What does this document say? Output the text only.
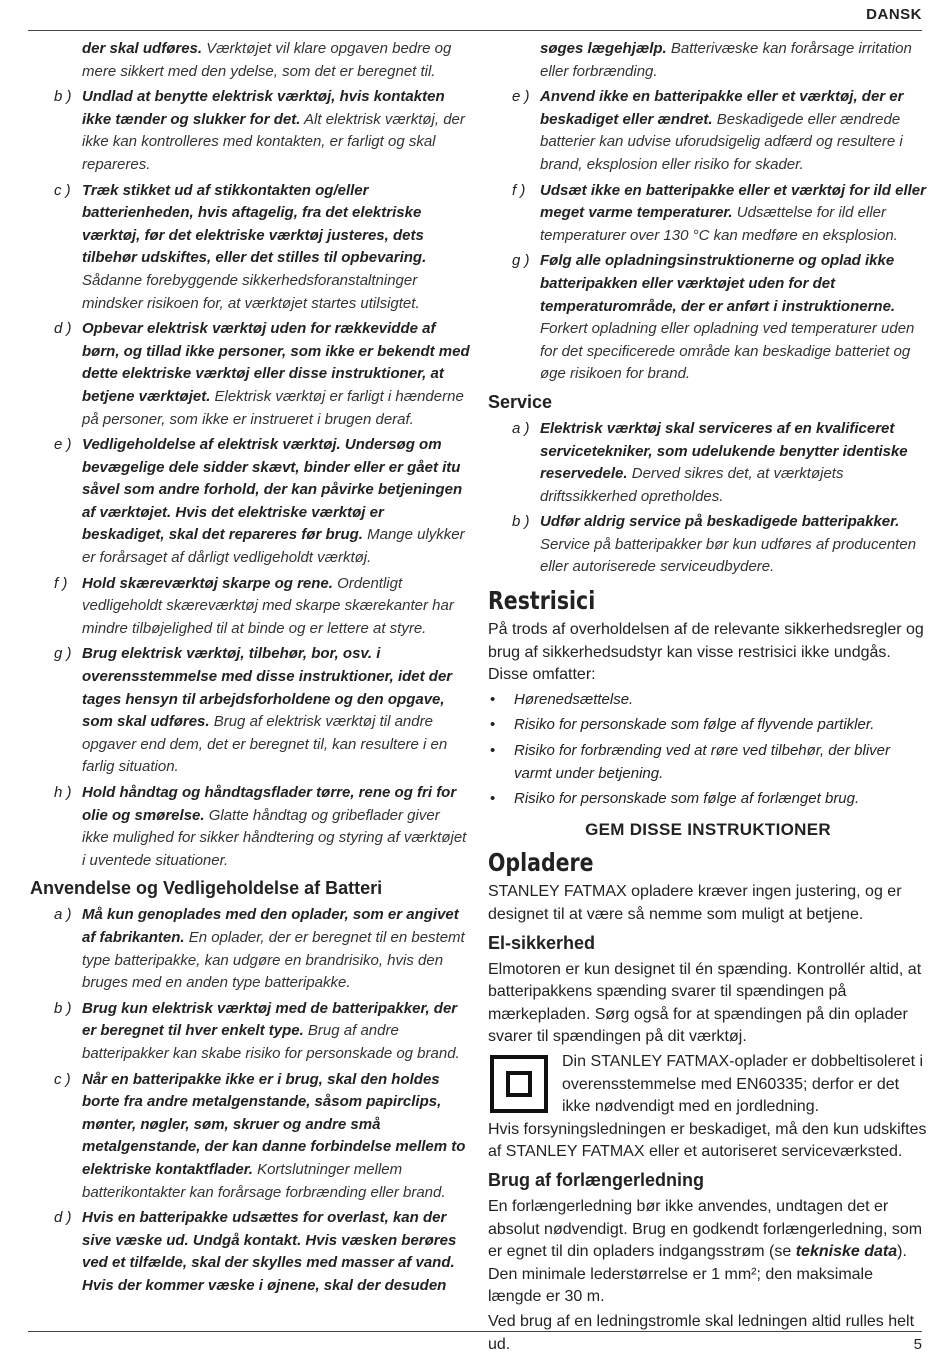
DANSK
der skal udføres. Værktøjet vil klare opgaven bedre og mere sikkert med den ydelse, som det er beregnet til.
b ) Undlad at benytte elektrisk værktøj, hvis kontakten ikke tænder og slukker for det. Alt elektrisk værktøj, der ikke kan kontrolleres med kontakten, er farligt og skal repareres.
c ) Træk stikket ud af stikkontakten og/eller batterienheden, hvis aftagelig, fra det elektriske værktøj, før det elektriske værktøj justeres, dets tilbehør udskiftes, eller det stilles til opbevaring. Sådanne forebyggende sikkerhedsforanstaltninger mindsker risikoen for, at værktøjet startes utilsigtet.
d ) Opbevar elektrisk værktøj uden for rækkevidde af børn, og tillad ikke personer, som ikke er bekendt med dette elektriske værktøj eller disse instruktioner, at betjene værktøjet. Elektrisk værktøj er farligt i hænderne på personer, som ikke er instrueret i brugen deraf.
e ) Vedligeholdelse af elektrisk værktøj. Undersøg om bevægelige dele sidder skævt, binder eller er gået itu såvel som andre forhold, der kan påvirke betjeningen af værktøjet. Hvis det elektriske værktøj er beskadiget, skal det repareres før brug. Mange ulykker er forårsaget af dårligt vedligeholdt værktøj.
f ) Hold skæreværktøj skarpe og rene. Ordentligt vedligeholdt skæreværktøj med skarpe skærekanter har mindre tilbøjelighed til at binde og er lettere at styre.
g ) Brug elektrisk værktøj, tilbehør, bor, osv. i overensstemmelse med disse instruktioner, idet der tages hensyn til arbejdsforholdene og den opgave, som skal udføres. Brug af elektrisk værktøj til andre opgaver end dem, det er beregnet til, kan resultere i en farlig situation.
h ) Hold håndtag og håndtagsflader tørre, rene og fri for olie og smørelse. Glatte håndtag og gribeflader giver ikke mulighed for sikker håndtering og styring af værktøjet i uventede situationer.
Anvendelse og Vedligeholdelse af Batteri
a ) Må kun genoplades med den oplader, som er angivet af fabrikanten. En oplader, der er beregnet til en bestemt type batteripakke, kan udgøre en brandrisiko, hvis den bruges med en anden type batteripakke.
b ) Brug kun elektrisk værktøj med de batteripakker, der er beregnet til hver enkelt type. Brug af andre batteripakker kan skabe risiko for personskade og brand.
c ) Når en batteripakke ikke er i brug, skal den holdes borte fra andre metalgenstande, såsom papirclips, mønter, nøgler, søm, skruer og andre små metalgenstande, der kan danne forbindelse mellem to elektriske kontaktflader. Kortslutninger mellem batterikontakter kan forårsage forbrænding eller brand.
d ) Hvis en batteripakke udsættes for overlast, kan der sive væske ud. Undgå kontakt. Hvis væsken berøres ved et tilfælde, skal der skylles med masser af vand. Hvis der kommer væske i øjnene, skal der desuden
søges lægehjælp. Batterivæske kan forårsage irritation eller forbrænding.
e ) Anvend ikke en batteripakke eller et værktøj, der er beskadiget eller ændret. Beskadigede eller ændrede batterier kan udvise uforudsigelig adfærd og resultere i brand, eksplosion eller risiko for skader.
f ) Udsæt ikke en batteripakke eller et værktøj for ild eller meget varme temperaturer. Udsættelse for ild eller temperaturer over 130 °C kan medføre en eksplosion.
g ) Følg alle opladningsinstruktionerne og oplad ikke batteripakken eller værktøjet uden for det temperaturområde, der er anført i instruktionerne. Forkert opladning eller opladning ved temperaturer uden for det specificerede område kan beskadige batteriet og øge risikoen for brand.
Service
a ) Elektrisk værktøj skal serviceres af en kvalificeret servicetekniker, som udelukende benytter identiske reservedele. Derved sikres det, at værktøjets driftssikkerhed opretholdes.
b ) Udfør aldrig service på beskadigede batteripakker. Service på batteripakker bør kun udføres af producenten eller autoriserede serviceudbydere.
Restrisici

På trods af overholdelsen af de relevante sikkerhedsregler og brug af sikkerhedsudstyr kan visse restrisici ikke undgås. Disse omfatter:

• Hørenedsættelse.
• Risiko for personskade som følge af flyvende partikler.
• Risiko for forbrænding ved at røre ved tilbehør, der bliver varmt under betjening.
• Risiko for personskade som følge af forlænget brug.
GEM DISSE INSTRUKTIONER
Opladere

STANLEY FATMAX opladere kræver ingen justering, og er designet til at være så nemme som muligt at betjene.

El-sikkerhed

Elmotoren er kun designet til én spænding. Kontrollér altid, at batteripakkens spænding svarer til spændingen på mærkepladen. Sørg også for at spændingen på din oplader svarer til spændingen på dit værktøj.

Din STANLEY FATMAX-oplader er dobbeltisoleret i overensstemmelse med EN60335; derfor er det ikke nødvendigt med en jordledning.

Hvis forsyningsledningen er beskadiget, må den kun udskiftes af STANLEY FATMAX eller et autoriseret serviceværksted.

Brug af forlængerledning

En forlængerledning bør ikke anvendes, undtagen det er absolut nødvendigt. Brug en godkendt forlængerledning, som er egnet til din opladers indgangsstrøm (se tekniske data). Den minimale lederstørrelse er 1 mm²; den maksimale længde er 30 m.

Ved brug af en ledningstromle skal ledningen altid rulles helt ud.	5
